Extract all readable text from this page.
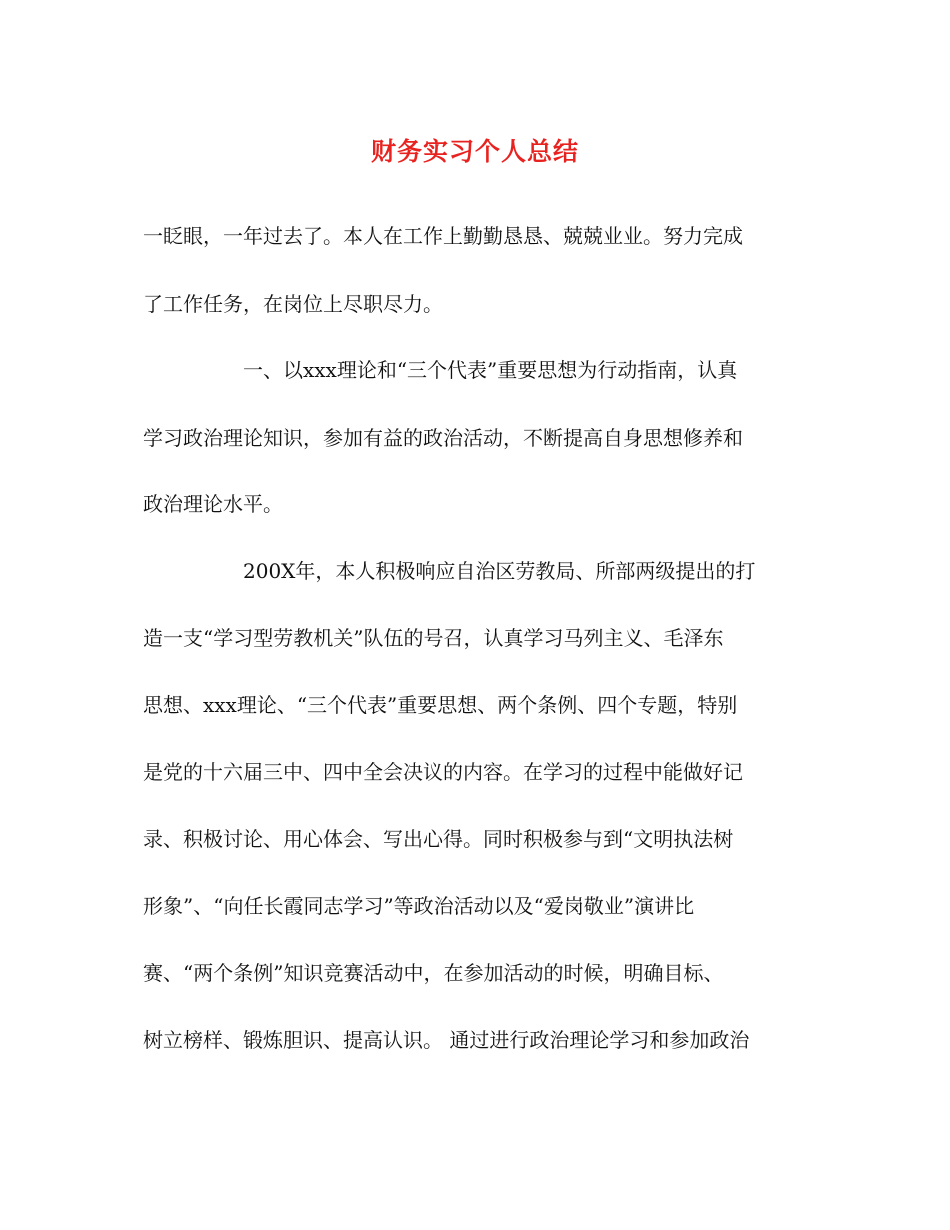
财务实习个人总结
一眨眼，一年过去了。本人在工作上勤勤恳恳、兢兢业业。努力完成
了工作任务，在岗位上尽职尽力。
一、以xxx理论和“三个代表”重要思想为行动指南，认真
学习政治理论知识，参加有益的政治活动，不断提高自身思想修养和
政治理论水平。
200X年，本人积极响应自治区劳教局、所部两级提出的打
造一支“学习型劳教机关”队伍的号召，认真学习马列主义、毛泽东
思想、xxx理论、“三个代表”重要思想、两个条例、四个专题，特别
是党的十六届三中、四中全会决议的内容。在学习的过程中能做好记
录、积极讨论、用心体会、写出心得。同时积极参与到“文明执法树
形象”、“向任长霞同志学习”等政治活动以及“爱岗敬业”演讲比
赛、“两个条例”知识竞赛活动中，在参加活动的时候，明确目标、
树立榜样、锻炼胆识、提高认识。 通过进行政治理论学习和参加政治
